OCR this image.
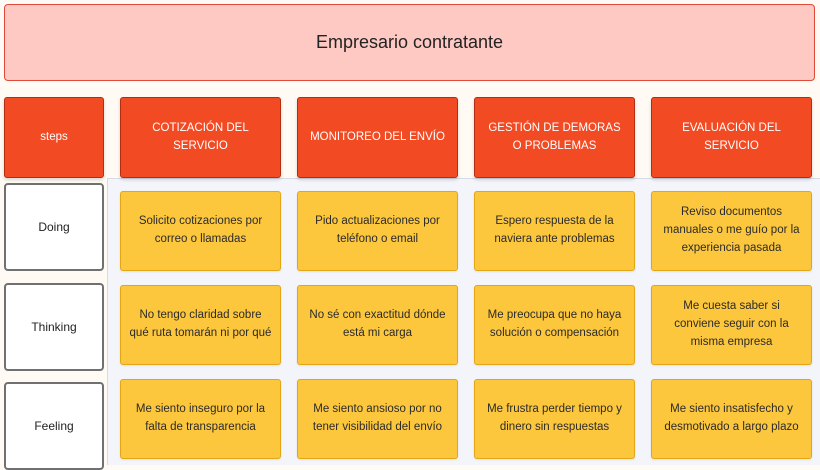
Empresario contratante
steps
COTIZACIÓN DEL SERVICIO
MONITOREO DEL ENVÍO
GESTIÓN DE DEMORAS O PROBLEMAS
EVALUACIÓN DEL SERVICIO
Doing
Thinking
Feeling
Solicito cotizaciones por correo o llamadas
Pido actualizaciones por teléfono o email
Espero respuesta de la naviera ante problemas
Reviso documentos manuales o me guío por la experiencia pasada
No tengo claridad sobre qué ruta tomarán ni por qué
No sé con exactitud dónde está mi carga
Me preocupa que no haya solución o compensación
Me cuesta saber si conviene seguir con la misma empresa
Me siento inseguro por la falta de transparencia
Me siento ansioso por no tener visibilidad del envío
Me frustra perder tiempo y dinero sin respuestas
Me siento insatisfecho y desmotivado a largo plazo
